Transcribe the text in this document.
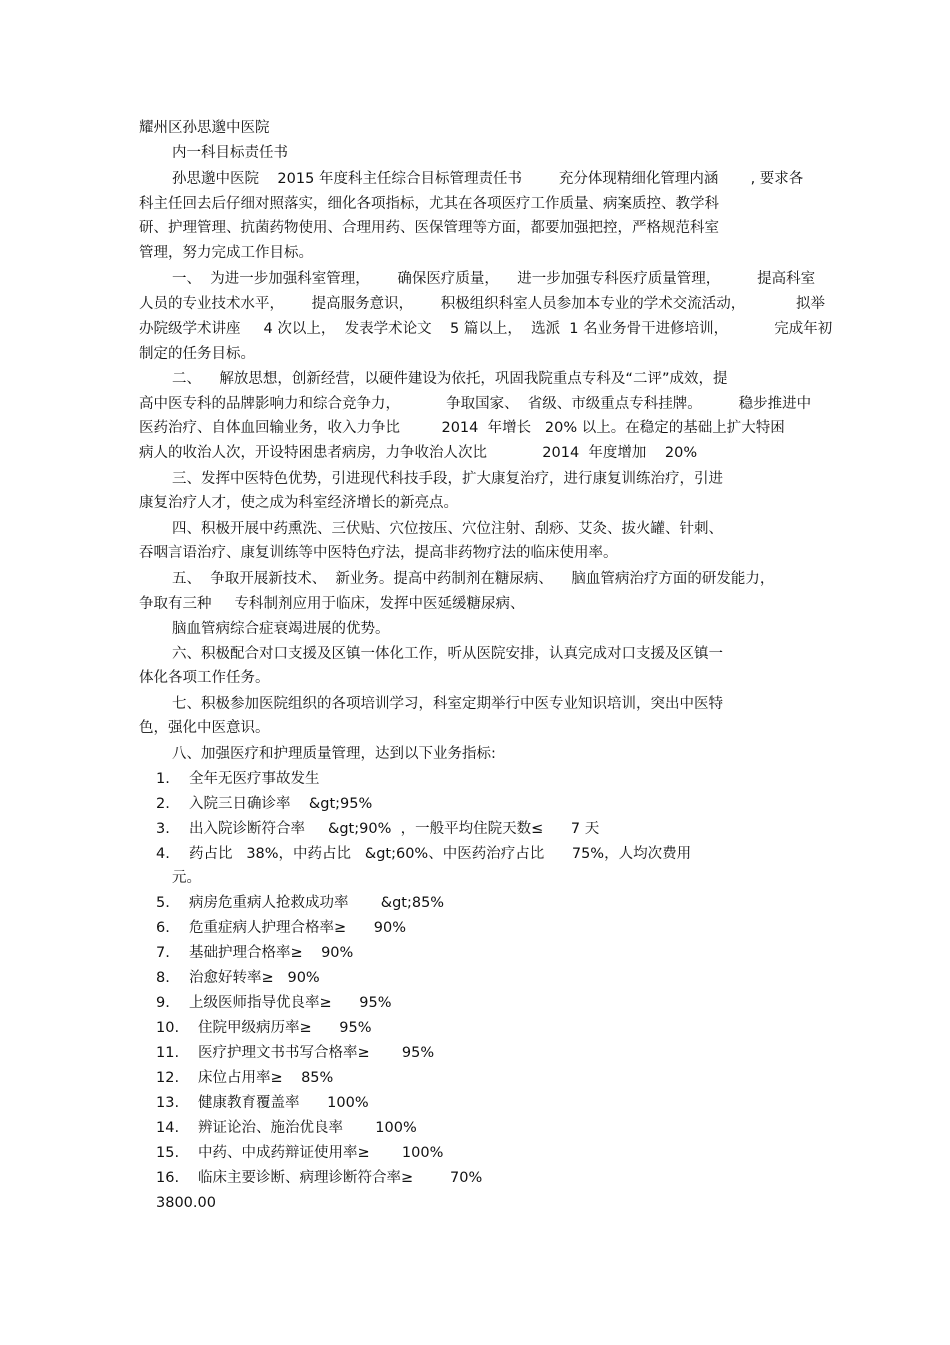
耀州区孙思邈中医院
内一科目标责任书
孙思邈中医院    2015 年度科主任综合目标管理责任书        充分体现精细化管理内涵       , 要求各
科主任回去后仔细对照落实，细化各项指标，尤其在各项医疗工作质量、病案质控、教学科
研、护理管理、抗菌药物使用、合理用药、医保管理等方面，都要加强把控，严格规范科室
管理，努力完成工作目标。
一、  为进一步加强科室管理，      确保医疗质量，    进一步加强专科医疗质量管理，        提高科室
人员的专业技术水平，      提高服务意识，      积极组织科室人员参加本专业的学术交流活动，           拟举
办院级学术讲座     4 次以上，  发表学术论文    5 篇以上，  选派  1 名业务骨干进修培训，          完成年初
制定的任务目标。
二、    解放思想，创新经营，以硬件建设为依托，巩固我院重点专科及“二评”成效，提
高中医专科的品牌影响力和综合竞争力，          争取国家、  省级、市级重点专科挂牌。        稳步推进中
医药治疗、自体血回输业务，收入力争比         2014  年增长   20% 以上。在稳定的基础上扩大特困
病人的收治人次，开设特困患者病房，力争收治人次比            2014  年度增加    20%
三、发挥中医特色优势，引进现代科技手段，扩大康复治疗，进行康复训练治疗，引进
康复治疗人才，使之成为科室经济增长的新亮点。
四、积极开展中药熏洗、三伏贴、穴位按压、穴位注射、刮痧、艾灸、拔火罐、针刺、
吞咽言语治疗、康复训练等中医特色疗法，提高非药物疗法的临床使用率。
五、  争取开展新技术、  新业务。提高中药制剂在糖尿病、    脑血管病治疗方面的研发能力，
争取有三种     专科制剂应用于临床，发挥中医延缓糖尿病、
脑血管病综合症衰竭进展的优势。
六、积极配合对口支援及区镇一体化工作，听从医院安排，认真完成对口支援及区镇一
体化各项工作任务。
七、积极参加医院组织的各项培训学习，科室定期举行中医专业知识培训，突出中医特
色，强化中医意识。
八、加强医疗和护理质量管理，达到以下业务指标:
1. 全年无医疗事故发生
2. 入院三日确诊率    &gt;95%
3. 出入院诊断符合率     &gt;90%  ，一般平均住院天数≤      7 天
4. 药占比   38%，中药占比   &gt;60%、中医药治疗占比      75%，人均次费用
元。
5. 病房危重病人抢救成功率       &gt;85%
6. 危重症病人护理合格率≥      90%
7. 基础护理合格率≥    90%
8. 治愈好转率≥   90%
9. 上级医师指导优良率≥      95%
10. 住院甲级病历率≥      95%
11. 医疗护理文书书写合格率≥       95%
12. 床位占用率≥    85%
13. 健康教育覆盖率      100%
14. 辨证论治、施治优良率       100%
15. 中药、中成药辩证使用率≥       100%
16. 临床主要诊断、病理诊断符合率≥        70%
3800.00
